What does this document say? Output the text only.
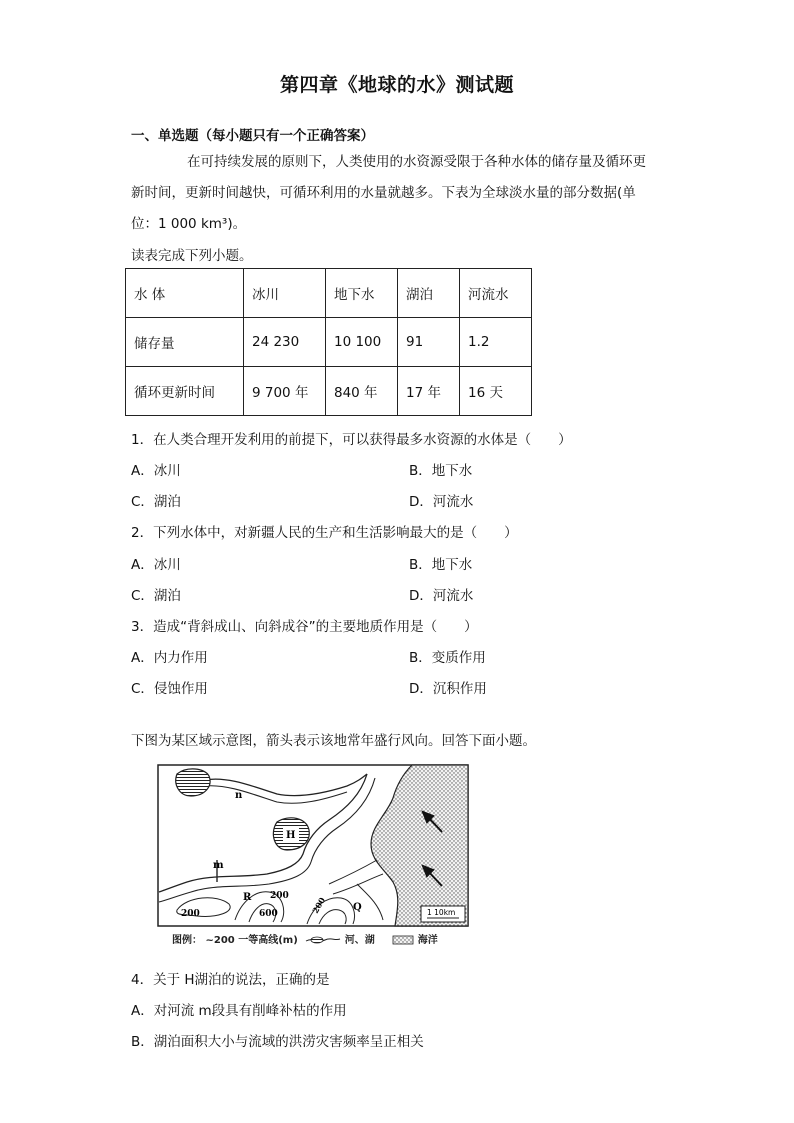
第四章《地球的水》测试题
一、单选题（每小题只有一个正确答案）
在可持续发展的原则下，人类使用的水资源受限于各种水体的储存量及循环更
新时间，更新时间越快，可循环利用的水量就越多。下表为全球淡水量的部分数据(单
位：1 000 km³)。
读表完成下列小题。
水 体	冰川	地下水	湖泊	河流水
储存量	24 230	10 100	91	1.2
循环更新时间	9 700 年	840 年	17 年	16 天
1．在人类合理开发利用的前提下，可以获得最多水资源的水体是（　　）
A．冰川	B．地下水
C．湖泊	D．河流水
2．下列水体中，对新疆人民的生产和生活影响最大的是（　　）
A．冰川	B．地下水
C．湖泊	D．河流水
3．造成“背斜成山、向斜成谷”的主要地质作用是（　　）
A．内力作用	B．变质作用
C．侵蚀作用	D．沉积作用
下图为某区域示意图，箭头表示该地常年盛行风向。回答下面小题。
n
H
m
R
Q
200
200	600	200	1 10km
图例： ~200 一等高线(m)	河、湖	海洋
4．关于 H湖泊的说法，正确的是
A．对河流 m段具有削峰补枯的作用
B．湖泊面积大小与流域的洪涝灾害频率呈正相关
